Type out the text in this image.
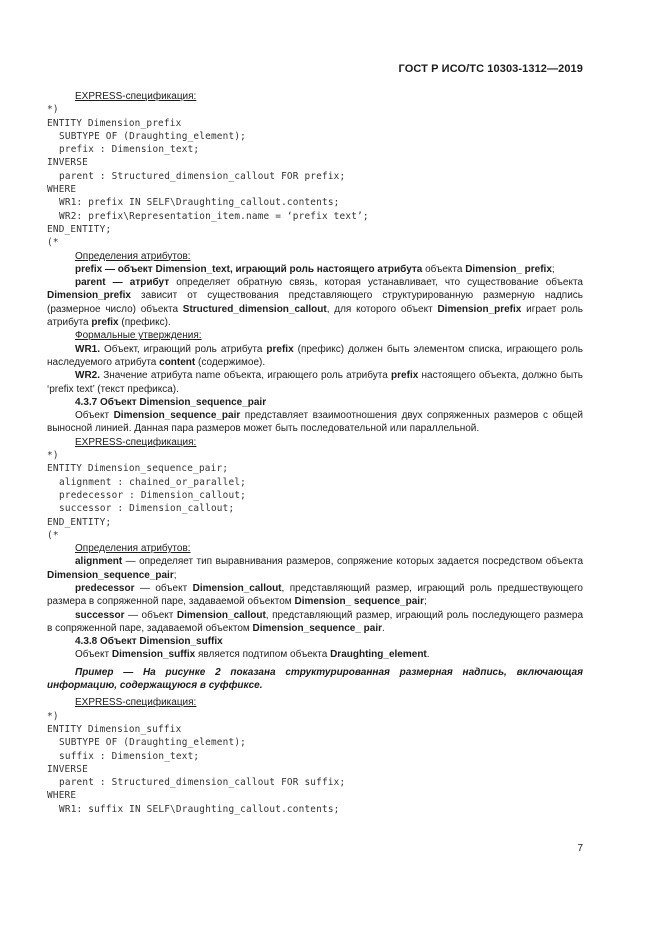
ГОСТ Р ИСО/ТС 10303-1312—2019
EXPRESS-спецификация:
*)
ENTITY Dimension_prefix
SUBTYPE OF (Draughting_element);
prefix : Dimension_text;
INVERSE
parent : Structured_dimension_callout FOR prefix;
WHERE
WR1: prefix IN SELF\Draughting_callout.contents;
WR2: prefix\Representation_item.name = ‘prefix text’;
END_ENTITY;
(*
Определения атрибутов:
prefix — объект Dimension_text, играющий роль настоящего атрибута объекта Dimension_ prefix;
parent — атрибут определяет обратную связь, которая устанавливает, что существование объекта Dimension_prefix зависит от существования представляющего структурированную размерную надпись (размерное число) объекта Structured_dimension_callout, для которого объект Dimension_prefix играет роль атрибута prefix (префикс).
Формальные утверждения:
WR1. Объект, играющий роль атрибута prefix (префикс) должен быть элементом списка, играющего роль наследуемого атрибута content (содержимое).
WR2. Значение атрибута name объекта, играющего роль атрибута prefix настоящего объекта, должно быть ‘prefix text’ (текст префикса).
4.3.7 Объект Dimension_sequence_pair
Объект Dimension_sequence_pair представляет взаимоотношения двух сопряженных размеров с общей выносной линией. Данная пара размеров может быть последовательной или параллельной.
EXPRESS-спецификация:
*)
ENTITY Dimension_sequence_pair;
alignment : chained_or_parallel;
predecessor : Dimension_callout;
successor : Dimension_callout;
END_ENTITY;
(*
Определения атрибутов:
alignment — определяет тип выравнивания размеров, сопряжение которых задается посредством объекта Dimension_sequence_pair;
predecessor — объект Dimension_callout, представляющий размер, играющий роль предшествующего размера в сопряженной паре, задаваемой объектом Dimension_ sequence_pair;
successor — объект Dimension_callout, представляющий размер, играющий роль последующего размера в сопряженной паре, задаваемой объектом Dimension_sequence_ pair.
4.3.8 Объект Dimension_suffix
Объект Dimension_suffix является подтипом объекта Draughting_element.
Пример — На рисунке 2 показана структурированная размерная надпись, включающая информацию, содержащуюся в суффиксе.
EXPRESS-спецификация:
*)
ENTITY Dimension_suffix
SUBTYPE OF (Draughting_element);
suffix : Dimension_text;
INVERSE
parent : Structured_dimension_callout FOR suffix;
WHERE
WR1: suffix IN SELF\Draughting_callout.contents;
7
